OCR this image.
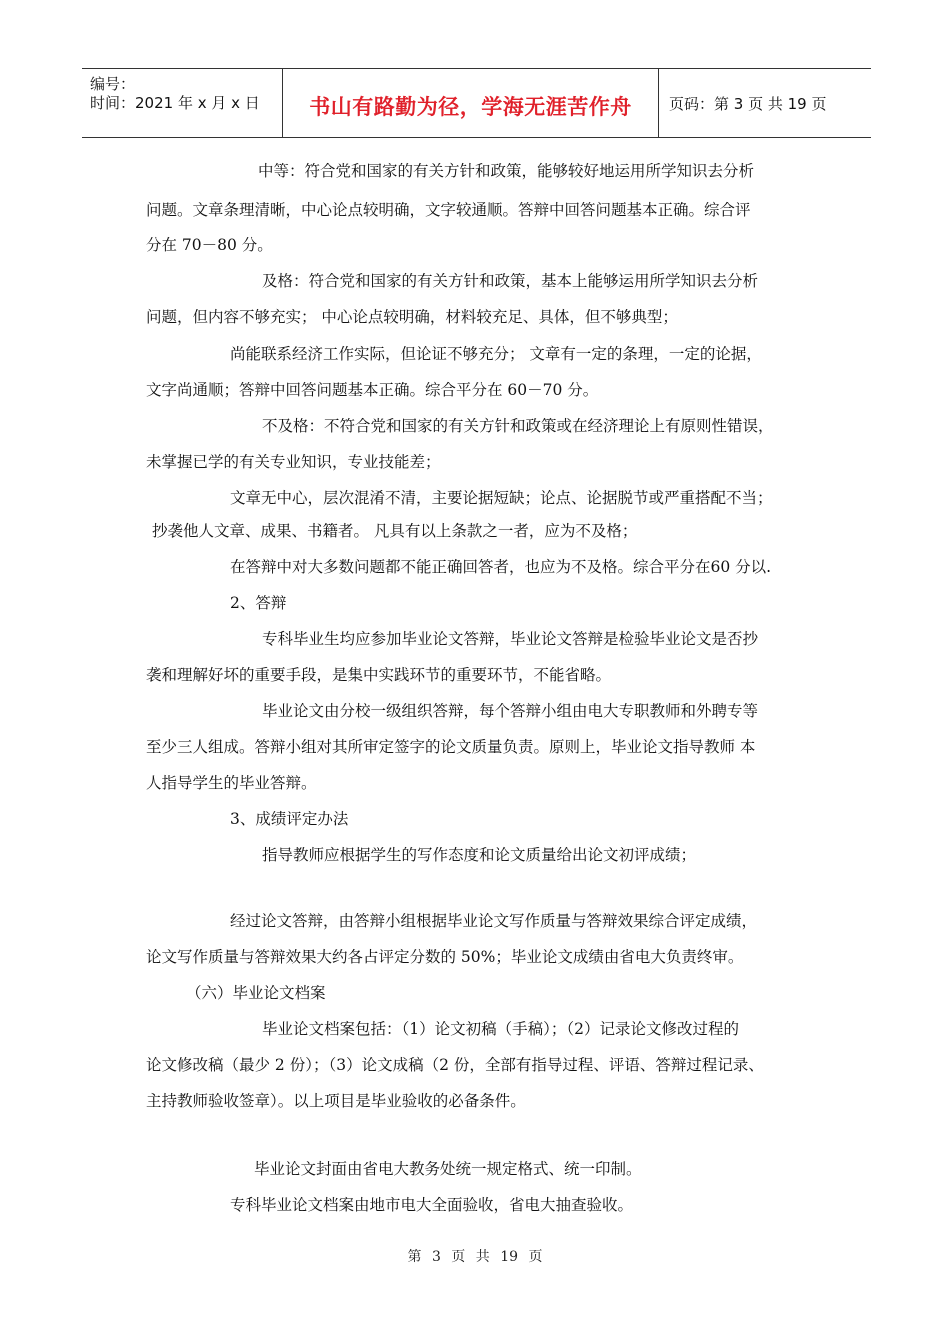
编号：
时间：2021 年 x 月 x 日	书山有路勤为径，学海无涯苦作舟	页码：第 3 页 共 19 页
中等：符合党和国家的有关方针和政策，能够较好地运用所学知识去分析
问题。文章条理清晰，中心论点较明确，文字较通顺。答辩中回答问题基本正确。综合评
分在 70－80 分。
及格：符合党和国家的有关方针和政策，基本上能够运用所学知识去分析
问题，但内容不够充实； 中心论点较明确，材料较充足、具体，但不够典型；
尚能联系经济工作实际，但论证不够充分； 文章有一定的条理，一定的论据，
文字尚通顺；答辩中回答问题基本正确。综合平分在 60－70 分。
不及格：不符合党和国家的有关方针和政策或在经济理论上有原则性错误，
未掌握已学的有关专业知识，专业技能差；
文章无中心，层次混淆不清，主要论据短缺；论点、论据脱节或严重搭配不当；
抄袭他人文章、成果、书籍者。 凡具有以上条款之一者，应为不及格；
在答辩中对大多数问题都不能正确回答者，也应为不及格。综合平分在60 分以.
2、答辩
专科毕业生均应参加毕业论文答辩，毕业论文答辩是检验毕业论文是否抄
袭和理解好坏的重要手段，是集中实践环节的重要环节，不能省略。
毕业论文由分校一级组织答辩，每个答辩小组由电大专职教师和外聘专等
至少三人组成。答辩小组对其所审定签字的论文质量负责。原则上，毕业论文指导教师 本
人指导学生的毕业答辩。
3、成绩评定办法
指导教师应根据学生的写作态度和论文质量给出论文初评成绩；
经过论文答辩，由答辩小组根据毕业论文写作质量与答辩效果综合评定成绩，
论文写作质量与答辩效果大约各占评定分数的 50%；毕业论文成绩由省电大负责终审。
（六）毕业论文档案
毕业论文档案包括：（1）论文初稿（手稿）；（2）记录论文修改过程的
论文修改稿（最少 2 份）；（3）论文成稿（2 份，全部有指导过程、评语、答辩过程记录、
主持教师验收签章）。以上项目是毕业验收的必备条件。
毕业论文封面由省电大教务处统一规定格式、统一印制。
专科毕业论文档案由地市电大全面验收，省电大抽查验收。
第 3 页 共 19 页
